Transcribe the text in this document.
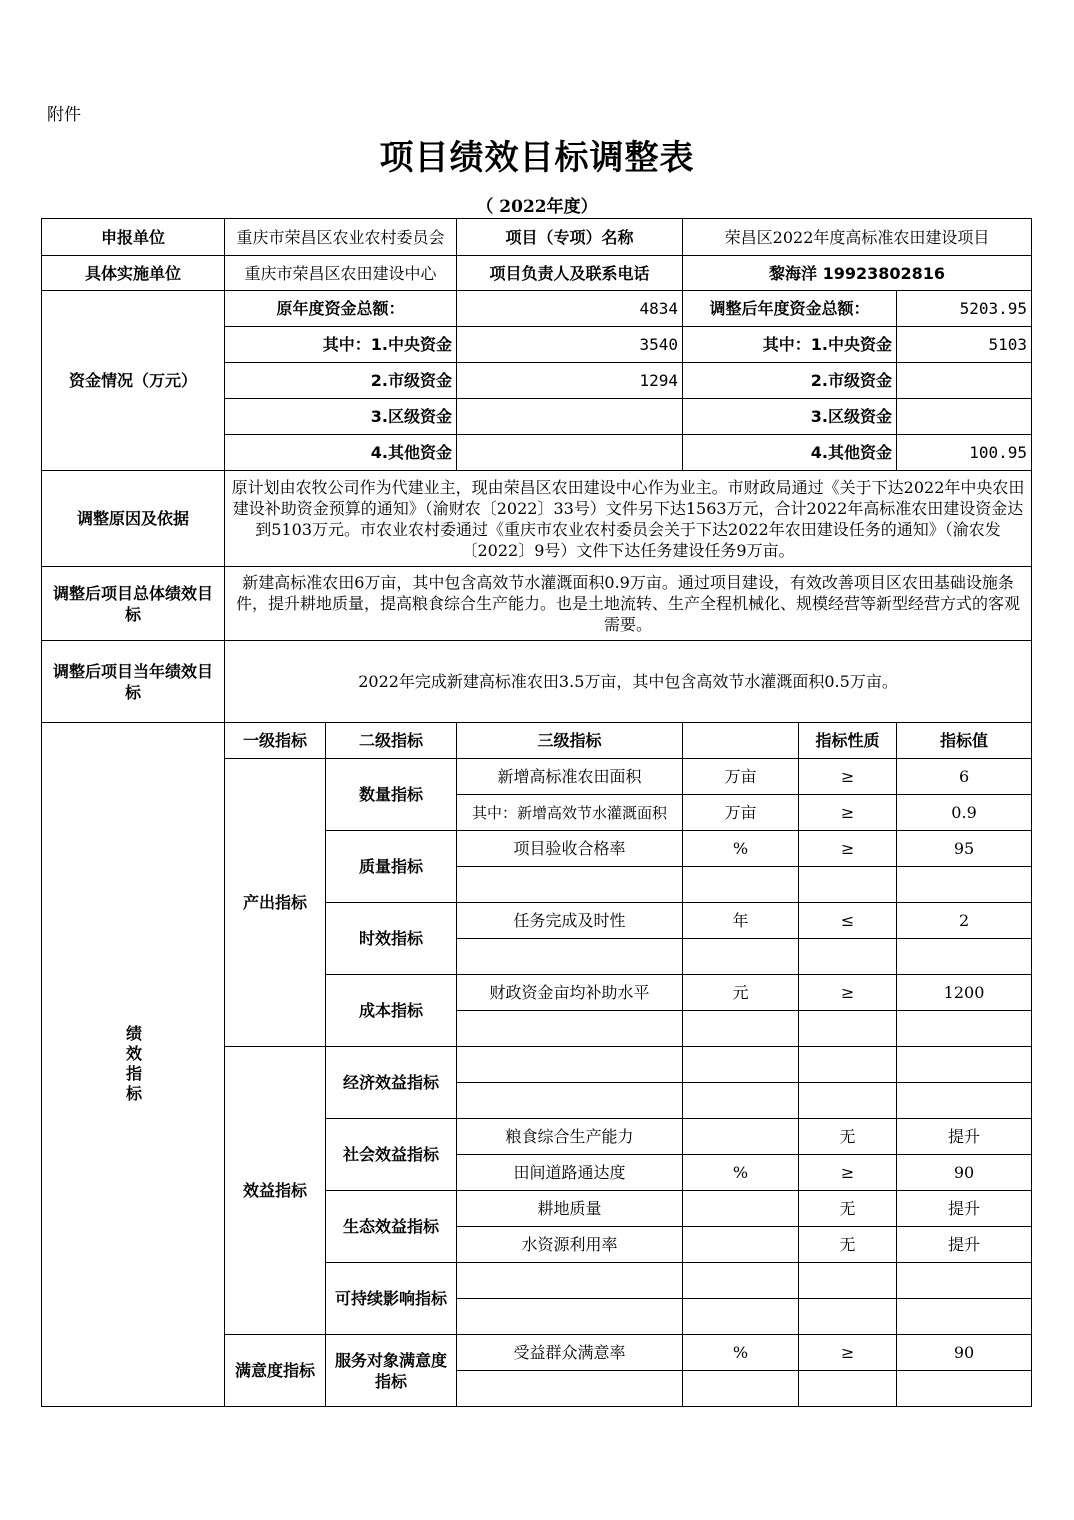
附件
项目绩效目标调整表
（ 2022年度）
申报单位	重庆市荣昌区农业农村委员会		项目（专项）名称	荣昌区2022年度高标准农田建设项目		
具体实施单位	重庆市荣昌区农田建设中心		项目负责人及联系电话	黎海洋 19923802816		
资金情况（万元）	原年度资金总额：		4834	调整后年度资金总额：		5203.95
	其中：1.中央资金		3540	其中：1.中央资金		5103
	2.市级资金		1294	2.市级资金		
	3.区级资金			3.区级资金		
	4.其他资金			4.其他资金		100.95
调整原因及依据	原计划由农牧公司作为代建业主，现由荣昌区农田建设中心作为业主。市财政局通过《关于下达2022年中央农田建设补助资金预算的通知》（渝财农〔2022〕33号）文件另下达1563万元，合计2022年高标准农田建设资金达到5103万元。市农业农村委通过《重庆市农业农村委员会关于下达2022年农田建设任务的通知》（渝农发〔2022〕9号）文件下达任务建设任务9万亩。					
调整后项目总体绩效目标	新建高标准农田6万亩，其中包含高效节水灌溉面积0.9万亩。通过项目建设，有效改善项目区农田基础设施条件，提升耕地质量，提高粮食综合生产能力。也是土地流转、生产全程机械化、规模经营等新型经营方式的客观需要。					
调整后项目当年绩效目标	2022年完成新建高标准农田3.5万亩，其中包含高效节水灌溉面积0.5万亩。					

绩效指标	一级指标	二级指标	三级指标		指标性质	指标值
	产出指标	数量指标	新增高标准农田面积	万亩	≥	6
			其中：新增高效节水灌溉面积	万亩	≥	0.9
		质量指标	项目验收合格率	%	≥	95

		时效指标	任务完成及时性	年	≤	2

		成本指标	财政资金亩均补助水平	元	≥	1200

	效益指标	经济效益指标				

		社会效益指标	粮食综合生产能力		无	提升
			田间道路通达度	%	≥	90
		生态效益指标	耕地质量		无	提升
			水资源利用率		无	提升
		可持续影响指标				

	满意度指标	服务对象满意度指标	受益群众满意率	%	≥	90
